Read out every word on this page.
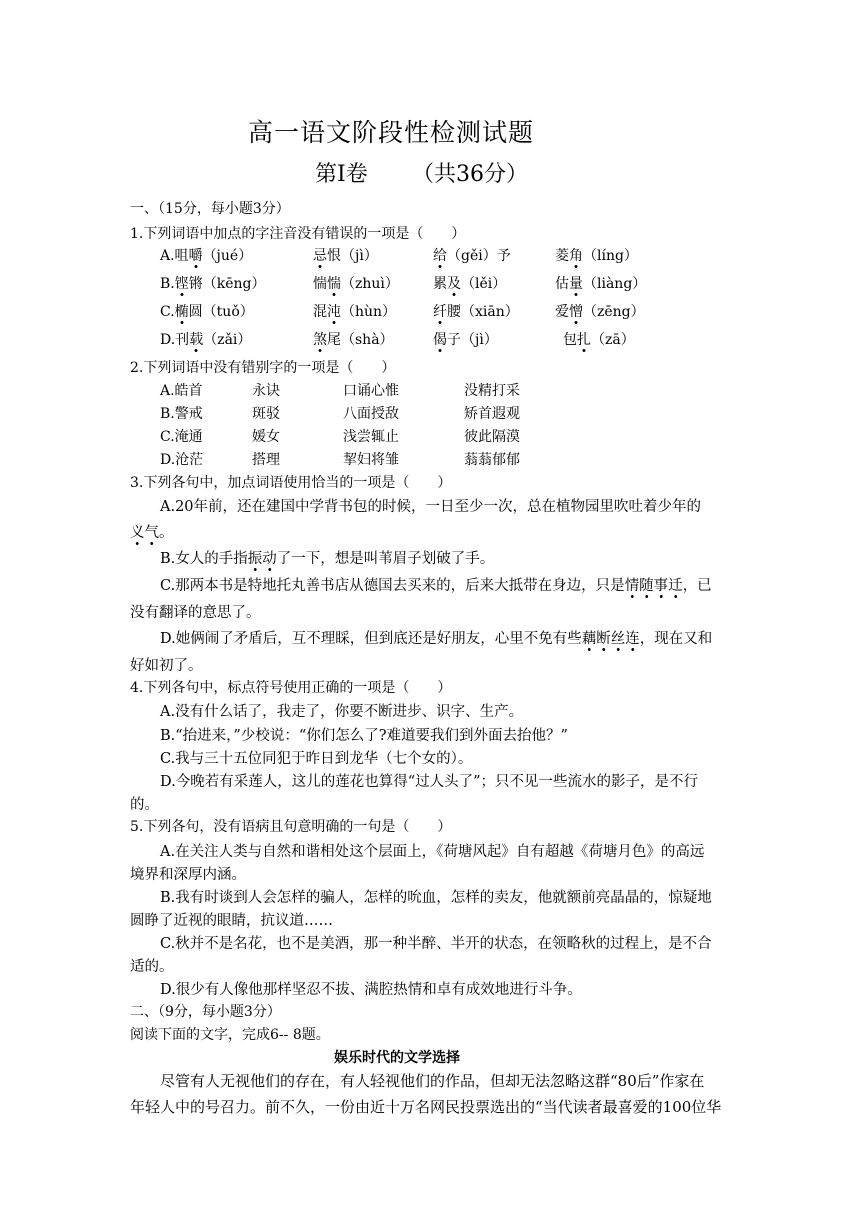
高一语文阶段性检测试题
第Ⅰ卷 （共36分）
一、（15分，每小题3分）
1.下列词语中加点的字注音没有错误的一项是（　　）
A.咀嚼（jué）	忌恨（jì）	给（gěi）予	菱角（líng）
B.铿锵（kēng）	惴惴（zhuì） 累及（lěi）	估量（liàng）
C.椭圆（tuǒ）	混沌（hùn）	纤腰（xiān）	爱憎（zēng）
D.刊载（zǎi）	煞尾（shà）	偈子（jì）	包扎（zā）
2.下列词语中没有错别字的一项是（　　）
A.皓首	永诀	口诵心惟	没精打采
B.警戒	斑驳	八面授敌	矫首遐观
C.淹通	媛女	浅尝辄止	彼此隔漠
D.沧茫	搭理	挈妇将雏	蓊蓊郁郁
3.下列各句中，加点词语使用恰当的一项是（　　）
A.20年前，还在建国中学背书包的时候，一日至少一次，总在植物园里吹吐着少年的
义气。
B.女人的手指振动了一下，想是叫苇眉子划破了手。
C.那两本书是特地托丸善书店从德国去买来的，后来大抵带在身边，只是情随事迁，已
没有翻译的意思了。
D.她俩闹了矛盾后，互不理睬，但到底还是好朋友，心里不免有些藕断丝连，现在又和
好如初了。
4.下列各句中，标点符号使用正确的一项是（　　）
A.没有什么话了，我走了，你要不断进步、识字、生产。
B.“抬进来，”少校说：“你们怎么了?难道要我们到外面去抬他？”
C.我与三十五位同犯于昨日到龙华（七个女的）。
D.今晚若有采莲人，这儿的莲花也算得“过人头了”；只不见一些流水的影子，是不行
的。
5.下列各句，没有语病且句意明确的一句是（　　）
A.在关注人类与自然和谐相处这个层面上，《荷塘风起》自有超越《荷塘月色》的高远
境界和深厚内涵。
B.我有时谈到人会怎样的骗人，怎样的吮血，怎样的卖友，他就额前亮晶晶的，惊疑地
圆睁了近视的眼睛，抗议道……
C.秋并不是名花，也不是美酒，那一种半醉、半开的状态，在领略秋的过程上，是不合
适的。
D.很少有人像他那样坚忍不拔、满腔热情和卓有成效地进行斗争。
二、（9分，每小题3分）
阅读下面的文字，完成6-- 8题。
娱乐时代的文学选择
尽管有人无视他们的存在，有人轻视他们的作品，但却无法忽略这群“80后”作家在
年轻人中的号召力。前不久，一份由近十万名网民投票选出的“当代读者最喜爱的100位华
